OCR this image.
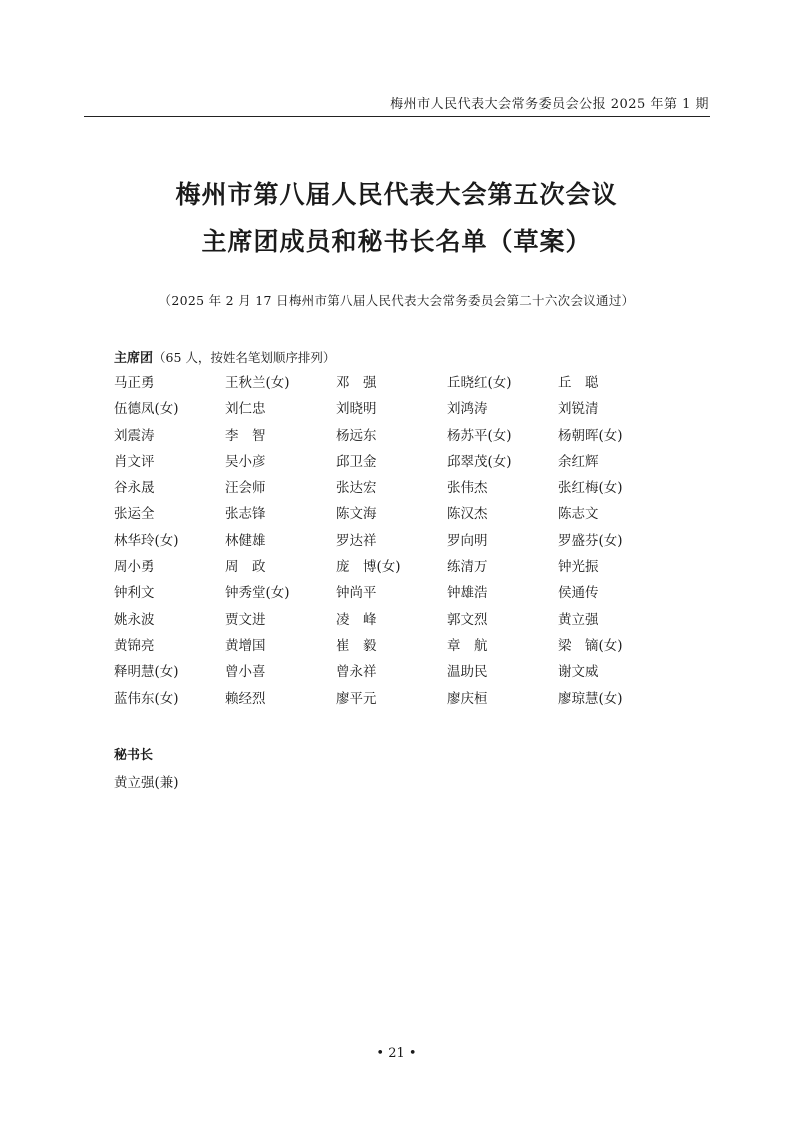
梅州市人民代表大会常务委员会公报 2025 年第 1 期
梅州市第八届人民代表大会第五次会议
主席团成员和秘书长名单（草案）
（2025 年 2 月 17 日梅州市第八届人民代表大会常务委员会第二十六次会议通过）
主席团（65 人，按姓名笔划顺序排列）
马正勇	王秋兰(女)	邓　强	丘晓红(女)	丘　聪
伍德凤(女)	刘仁忠	刘晓明	刘鸿涛	刘锐清
刘震涛	李　智	杨远东	杨苏平(女)	杨朝晖(女)
肖文评	吴小彦	邱卫金	邱翠茂(女)	余红辉
谷永晟	汪会师	张达宏	张伟杰	张红梅(女)
张运全	张志锋	陈文海	陈汉杰	陈志文
林华玲(女)	林健雄	罗达祥	罗向明	罗盛芬(女)
周小勇	周　政	庞　博(女)	练清万	钟光振
钟利文	钟秀堂(女)	钟尚平	钟雄浩	侯通传
姚永波	贾文进	凌　峰	郭文烈	黄立强
黄锦亮	黄增国	崔　毅	章　航	梁　镝(女)
释明慧(女)	曾小喜	曾永祥	温助民	谢文威
蓝伟东(女)	赖经烈	廖平元	廖庆桓	廖琼慧(女)
秘书长
黄立强(兼)
• 21 •
